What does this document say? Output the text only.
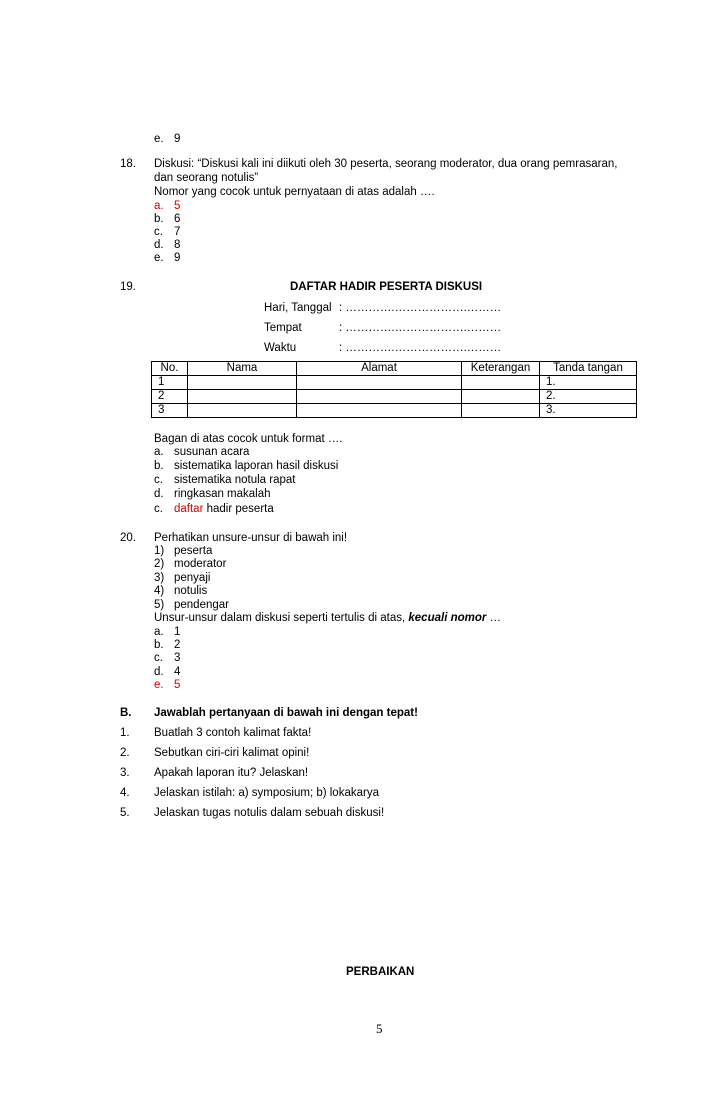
e. 9
18. Diskusi: “Diskusi kali ini diikuti oleh 30 peserta, seorang moderator, dua orang pemrasaran,
dan seorang notulis”
Nomor yang cocok untuk pernyataan di atas adalah ….
a. 5
b. 6
c. 7
d. 8
e. 9
19.	DAFTAR HADIR PESERTA DISKUSI
Hari, Tanggal : ………….……………….………
Tempat	: ………….……………….………
Waktu	: ………….……………….………
No.	Nama	Alamat	Keterangan	Tanda tangan
1				1.
2				2.
3				3.
Bagan di atas cocok untuk format ….
a. susunan acara
b. sistematika laporan hasil diskusi
c. sistematika notula rapat
d. ringkasan makalah
c. daftar hadir peserta
20. Perhatikan unsure-unsur di bawah ini!
1) peserta
2) moderator
3) penyaji
4) notulis
5) pendengar
Unsur-unsur dalam diskusi seperti tertulis di atas, kecuali nomor …
a. 1
b. 2
c. 3
d. 4
e. 5
B. Jawablah pertanyaan di bawah ini dengan tepat!
1. Buatlah 3 contoh kalimat fakta!
2. Sebutkan ciri-ciri kalimat opini!
3. Apakah laporan itu? Jelaskan!
4. Jelaskan istilah: a) symposium; b) lokakarya
5. Jelaskan tugas notulis dalam sebuah diskusi!
PERBAIKAN
5
